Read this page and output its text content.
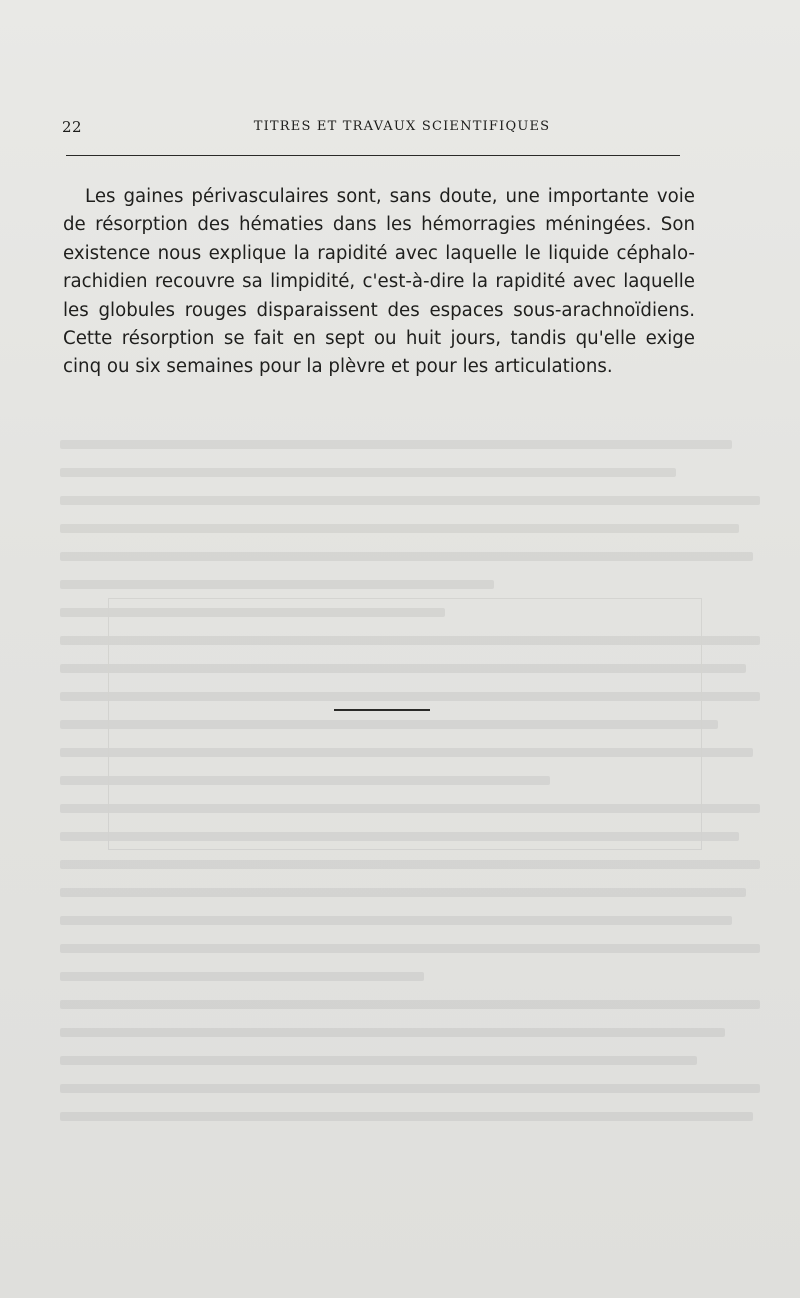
22	TITRES ET TRAVAUX SCIENTIFIQUES

Les gaines périvasculaires sont, sans doute, une importante voie de résorption des hématies dans les hémorragies méningées. Son existence nous explique la rapidité avec laquelle le liquide céphalo-rachidien recouvre sa limpidité, c'est-à-dire la rapidité avec laquelle les globules rouges disparaissent des espaces sous-arachnoïdiens. Cette résorption se fait en sept ou huit jours, tandis qu'elle exige cinq ou six semaines pour la plèvre et pour les articulations.
